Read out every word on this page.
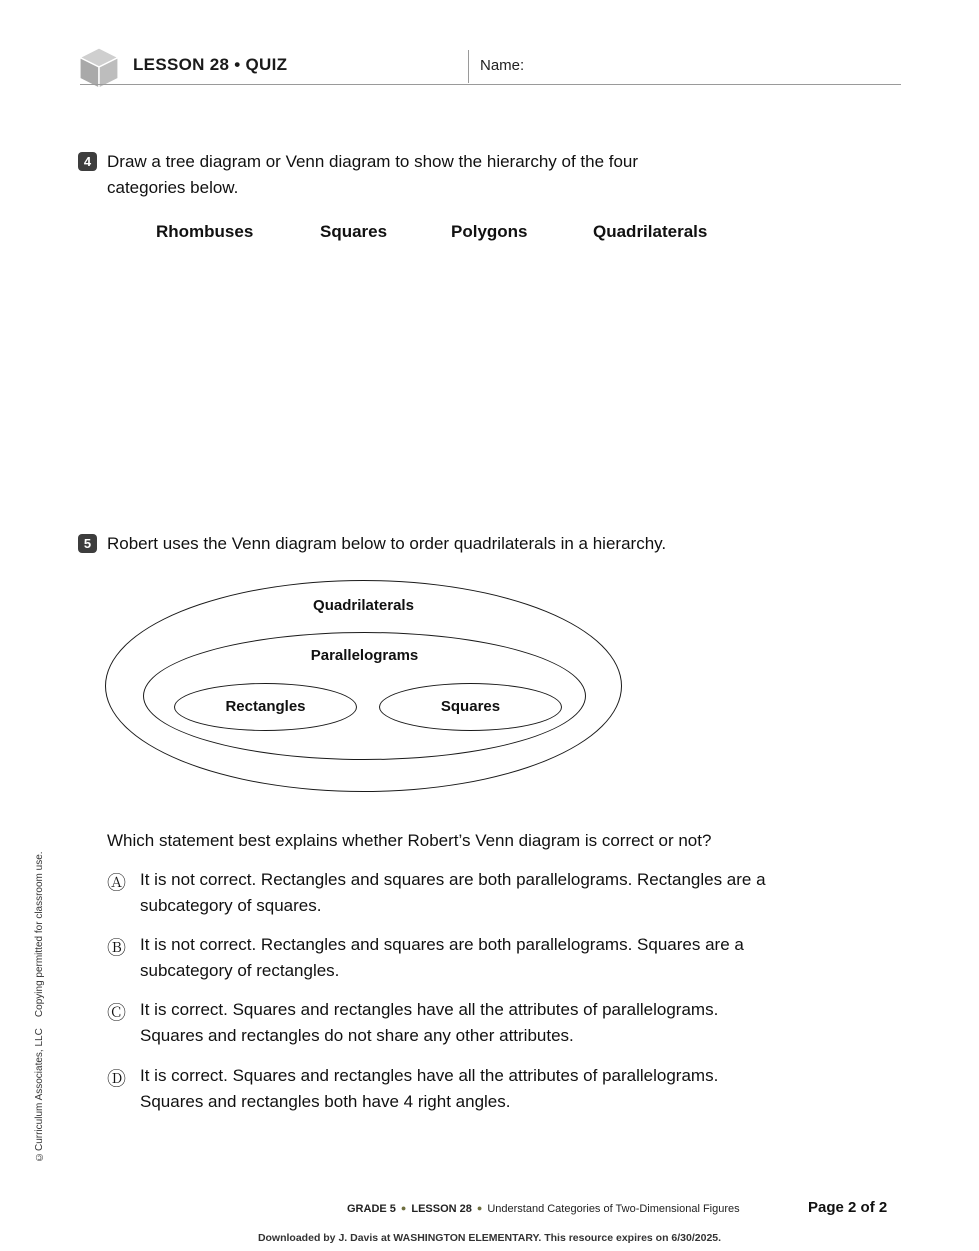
LESSON 28 • QUIZ	Name:
4 Draw a tree diagram or Venn diagram to show the hierarchy of the four categories below.
Rhombuses	Squares	Polygons	Quadrilaterals
5 Robert uses the Venn diagram below to order quadrilaterals in a hierarchy.
Quadrilaterals
Parallelograms
Rectangles	Squares
Which statement best explains whether Robert’s Venn diagram is correct or not?
Ⓐ It is not correct. Rectangles and squares are both parallelograms. Rectangles are a subcategory of squares.
Ⓑ It is not correct. Rectangles and squares are both parallelograms. Squares are a subcategory of rectangles.
Ⓒ It is correct. Squares and rectangles have all the attributes of parallelograms. Squares and rectangles do not share any other attributes.
Ⓓ It is correct. Squares and rectangles have all the attributes of parallelograms. Squares and rectangles both have 4 right angles.
©Curriculum Associates, LLC    Copying permitted for classroom use.
GRADE 5 ● LESSON 28 ● Understand Categories of Two-Dimensional Figures	Page 2 of 2
Downloaded by J. Davis at WASHINGTON ELEMENTARY. This resource expires on 6/30/2025.
